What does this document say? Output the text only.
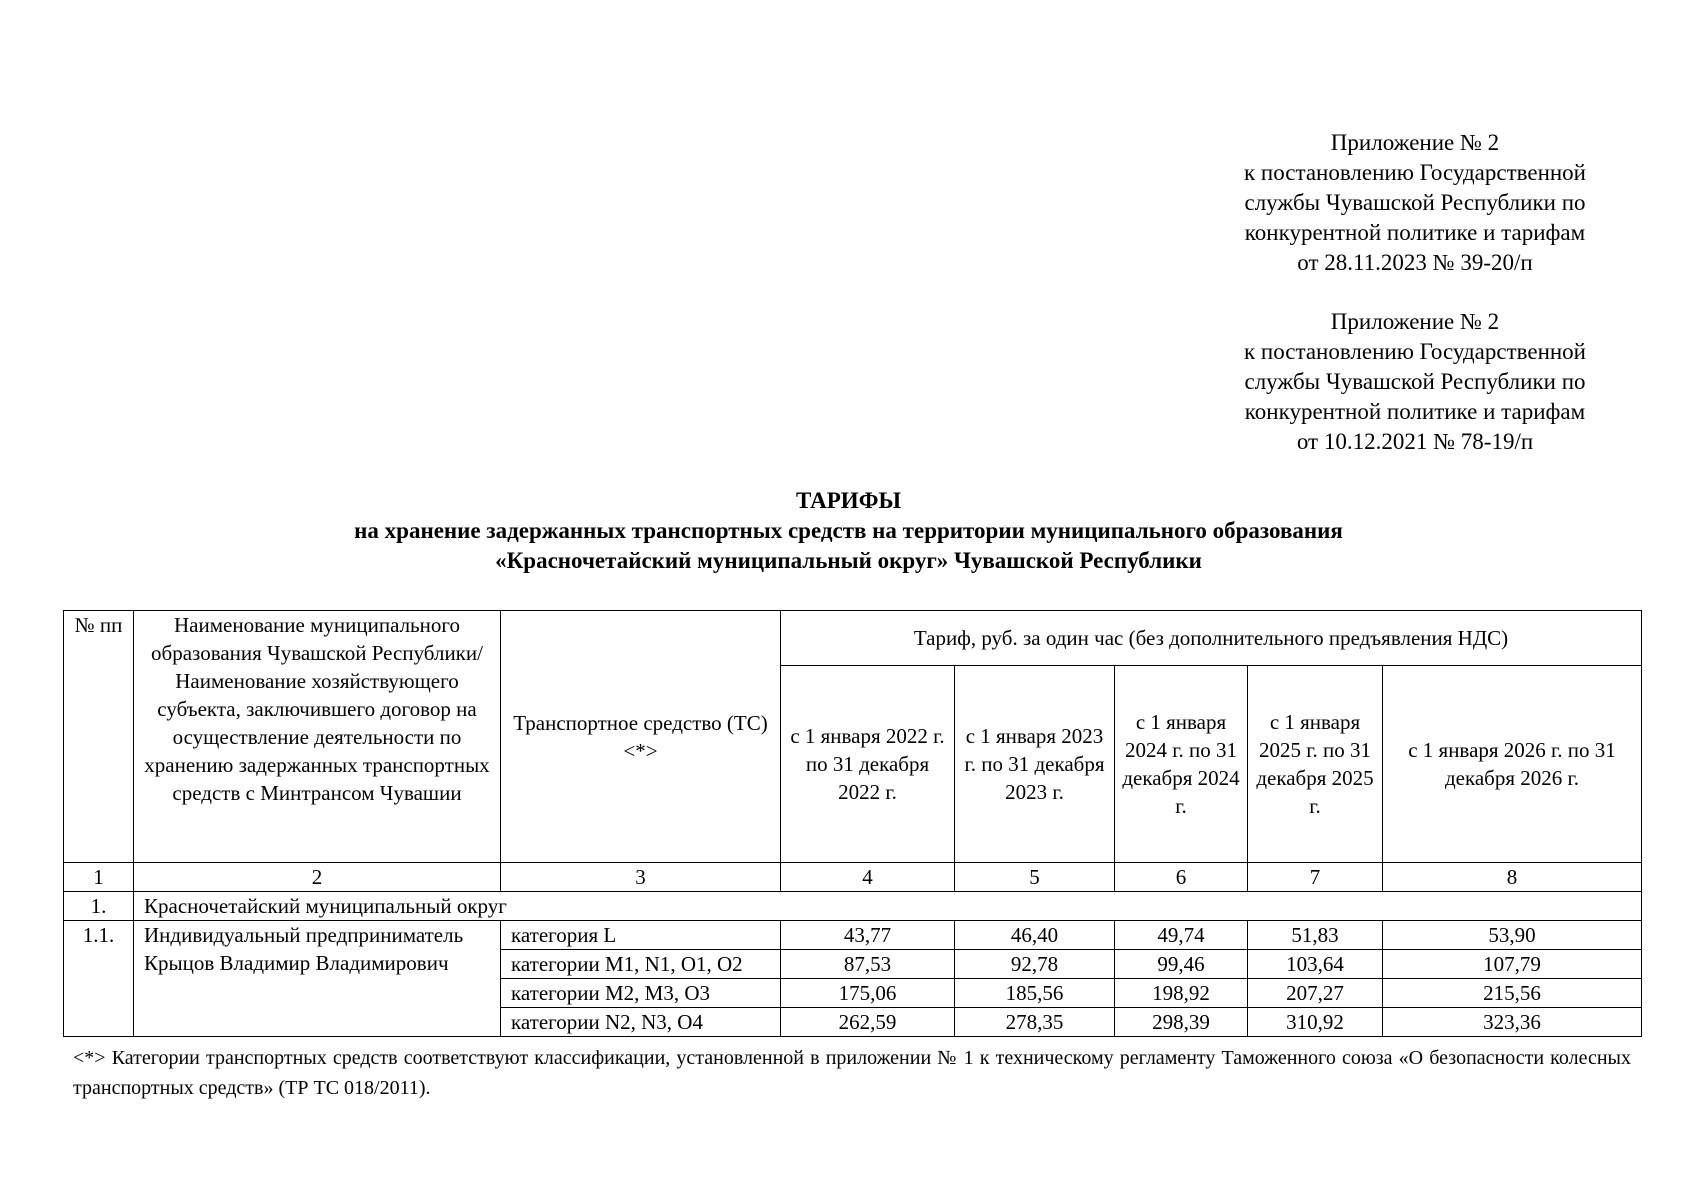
Приложение № 2
к постановлению Государственной
службы Чувашской Республики по
конкурентной политике и тарифам
от 28.11.2023 № 39-20/п
Приложение № 2
к постановлению Государственной
службы Чувашской Республики по
конкурентной политике и тарифам
от 10.12.2021 № 78-19/п
ТАРИФЫ
на хранение задержанных транспортных средств на территории муниципального образования
«Красночетайский муниципальный округ» Чувашской Республики
№ пп	Наименование муниципального образования Чувашской Республики/ Наименование хозяйствующего субъекта, заключившего договор на осуществление деятельности по хранению задержанных транспортных средств с Минтрансом Чувашии	Транспортное средство (ТС) <*>	Тариф, руб. за один час (без дополнительного предъявления НДС)				
			с 1 января 2022 г. по 31 декабря 2022 г.	с 1 января 2023 г. по 31 декабря 2023 г.	с 1 января 2024 г. по 31 декабря 2024 г.	с 1 января 2025 г. по 31 декабря 2025 г.	с 1 января 2026 г. по 31 декабря 2026 г.
1	2	3	4	5	6	7	8
1.	Красночетайский муниципальный округ						
1.1.	Индивидуальный предприниматель Крыцов Владимир Владимирович	категория L	43,77	46,40	49,74	51,83	53,90
		категории M1, N1, O1, O2	87,53	92,78	99,46	103,64	107,79
		категории M2, M3, O3	175,06	185,56	198,92	207,27	215,56
		категории N2, N3, O4	262,59	278,35	298,39	310,92	323,36
<*> Категории транспортных средств соответствуют классификации, установленной в приложении № 1 к техническому регламенту Таможенного союза «О безопасности колесных транспортных средств» (ТР ТС 018/2011).
